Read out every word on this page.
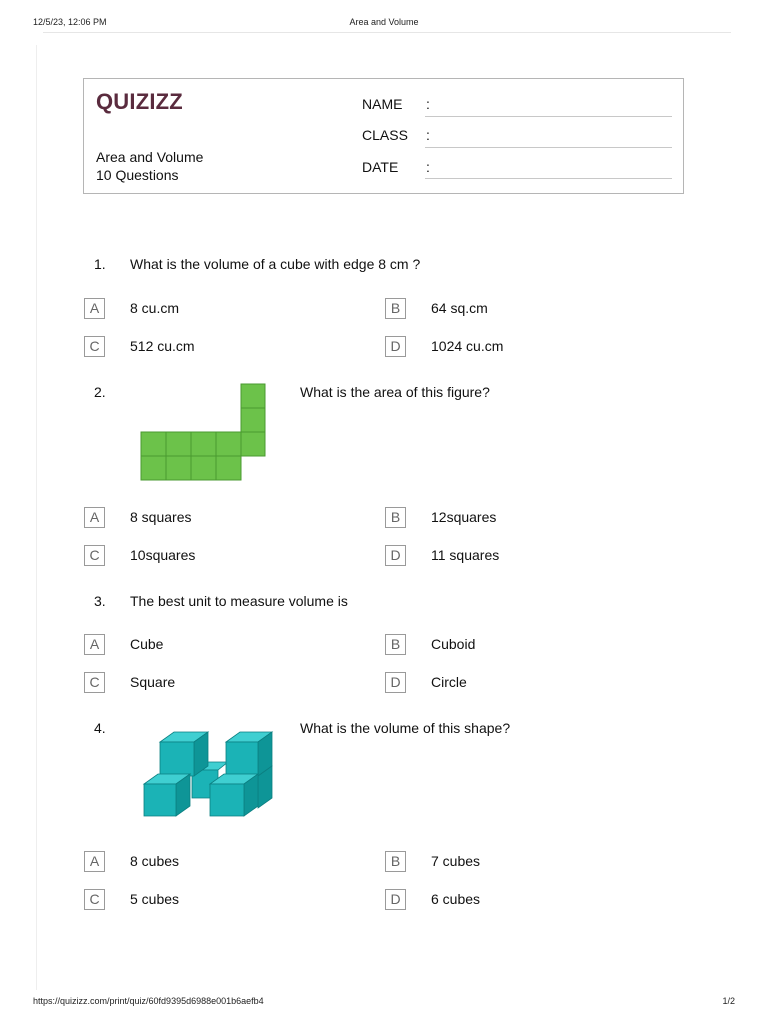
12/5/23, 12:06 PM	Area and Volume
QUIZIZZ
Area and Volume
10 Questions
NAME :
CLASS :
DATE :
1. What is the volume of a cube with edge 8 cm ?
A	8 cu.cm	B	64 sq.cm
C	512 cu.cm	D	1024 cu.cm
2.	What is the area of this figure?
A	8 squares	B	12squares
C	10squares	D	11 squares
3. The best unit to measure volume is
A	Cube	B	Cuboid
C	Square	D	Circle
4.	What is the volume of this shape?
A	8 cubes	B	7 cubes
C	5 cubes	D	6 cubes
https://quizizz.com/print/quiz/60fd9395d6988e001b6aefb4	1/2
